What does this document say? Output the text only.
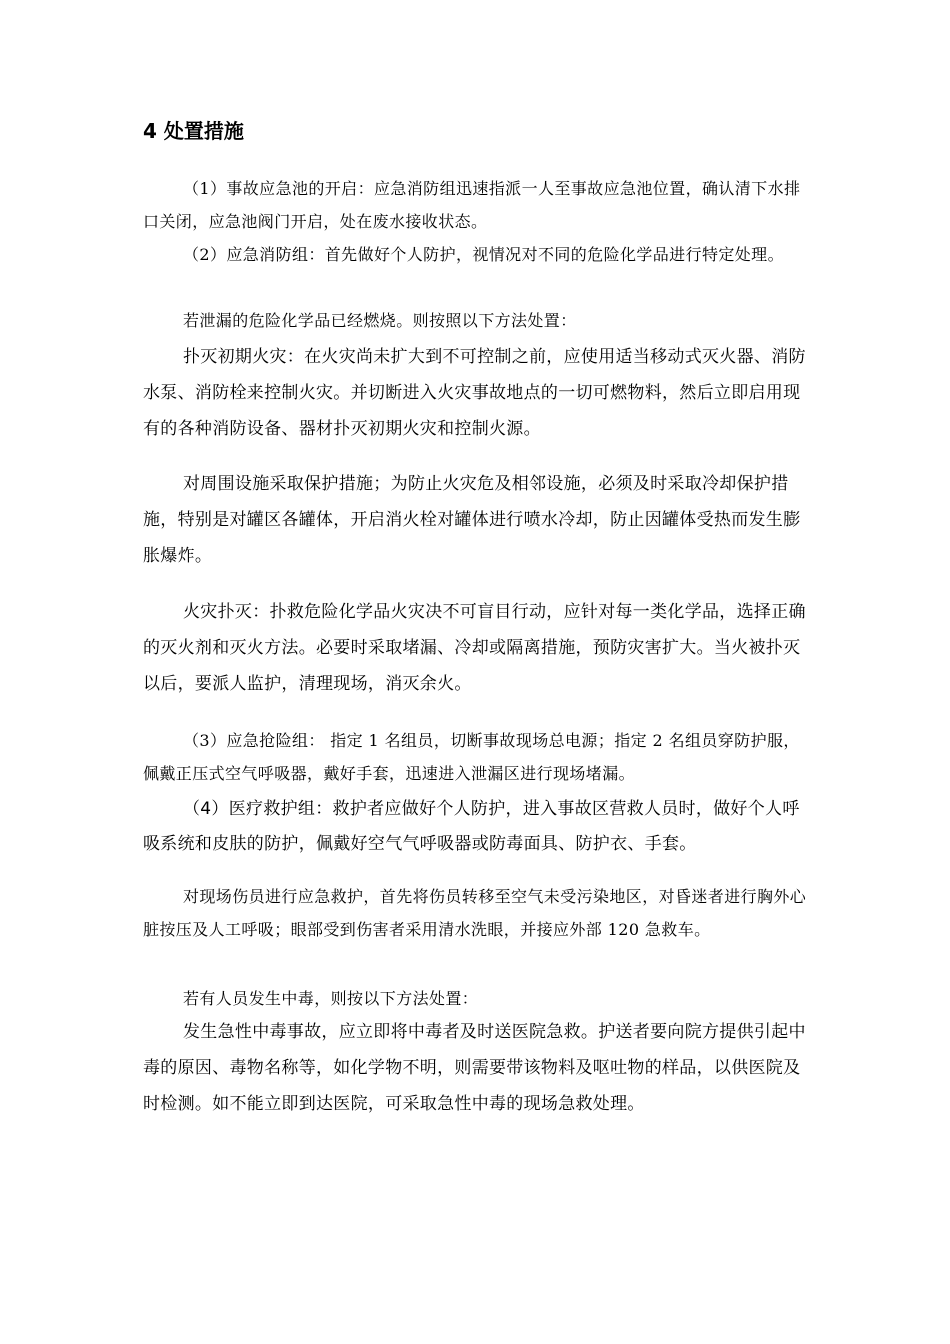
4 处置措施

（1）事故应急池的开启：应急消防组迅速指派一人至事故应急池位置，确认清下水排口关闭，应急池阀门开启，处在废水接收状态。

（2）应急消防组：首先做好个人防护，视情况对不同的危险化学品进行特定处理。

若泄漏的危险化学品已经燃烧。则按照以下方法处置：

扑灭初期火灾：在火灾尚未扩大到不可控制之前，应使用适当移动式灭火器、消防水泵、消防栓来控制火灾。并切断进入火灾事故地点的一切可燃物料，然后立即启用现有的各种消防设备、器材扑灭初期火灾和控制火源。

对周围设施采取保护措施；为防止火灾危及相邻设施，必须及时采取冷却保护措施，特别是对罐区各罐体，开启消火栓对罐体进行喷水冷却，防止因罐体受热而发生膨胀爆炸。

火灾扑灭：扑救危险化学品火灾决不可盲目行动，应针对每一类化学品，选择正确的灭火剂和灭火方法。必要时采取堵漏、冷却或隔离措施，预防灾害扩大。当火被扑灭以后，要派人监护，清理现场，消灭余火。

（3）应急抢险组： 指定 1 名组员，切断事故现场总电源；指定 2 名组员穿防护服，佩戴正压式空气呼吸器，戴好手套，迅速进入泄漏区进行现场堵漏。

（4）医疗救护组：救护者应做好个人防护，进入事故区营救人员时，做好个人呼吸系统和皮肤的防护，佩戴好空气气呼吸器或防毒面具、防护衣、手套。

对现场伤员进行应急救护，首先将伤员转移至空气未受污染地区，对昏迷者进行胸外心脏按压及人工呼吸；眼部受到伤害者采用清水洗眼，并接应外部 120 急救车。

若有人员发生中毒，则按以下方法处置：

发生急性中毒事故，应立即将中毒者及时送医院急救。护送者要向院方提供引起中毒的原因、毒物名称等，如化学物不明，则需要带该物料及呕吐物的样品，以供医院及时检测。如不能立即到达医院，可采取急性中毒的现场急救处理。
